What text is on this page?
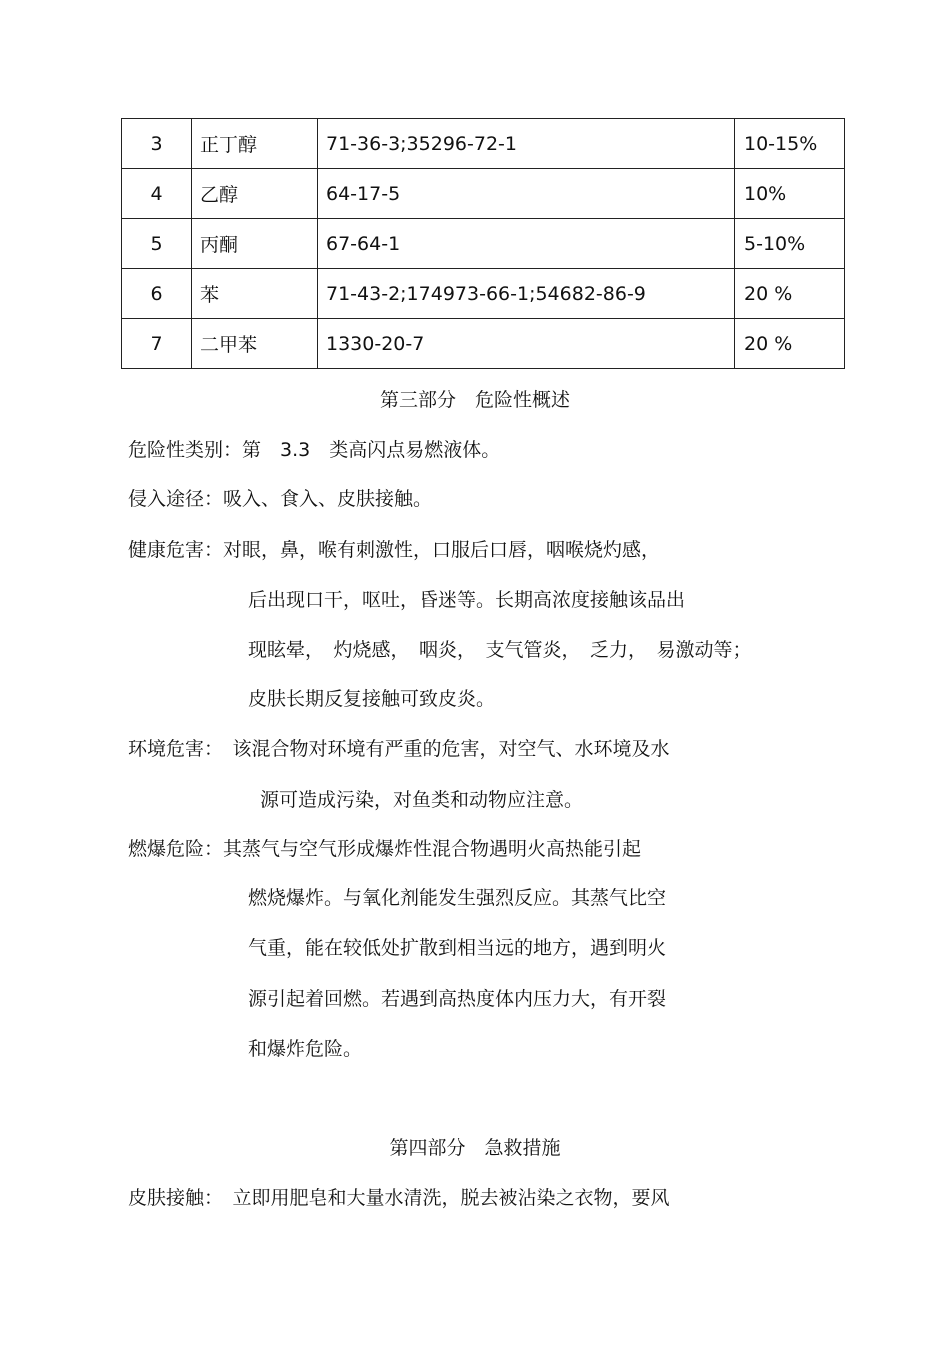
3	正丁醇	71-36-3;35296-72-1	10-15%
4	乙醇	64-17-5	10%
5	丙酮	67-64-1	5-10%
6	苯	71-43-2;174973-66-1;54682-86-9	20 %
7	二甲苯	1330-20-7	20 %
第三部分　危险性概述
危险性类别：第　3.3　类高闪点易燃液体。
侵入途径：吸入、食入、皮肤接触。
健康危害：对眼，鼻，喉有刺激性，口服后口唇，咽喉烧灼感，
后出现口干，呕吐，昏迷等。长期高浓度接触该品出
现眩晕，　灼烧感，　咽炎，　支气管炎，　乏力，　易激动等；
皮肤长期反复接触可致皮炎。
环境危害：　该混合物对环境有严重的危害，对空气、水环境及水
源可造成污染，对鱼类和动物应注意。
燃爆危险：其蒸气与空气形成爆炸性混合物遇明火高热能引起
燃烧爆炸。与氧化剂能发生强烈反应。其蒸气比空
气重，能在较低处扩散到相当远的地方，遇到明火
源引起着回燃。若遇到高热度体内压力大，有开裂
和爆炸危险。
第四部分　急救措施
皮肤接触：　立即用肥皂和大量水清洗，脱去被沾染之衣物，要风
